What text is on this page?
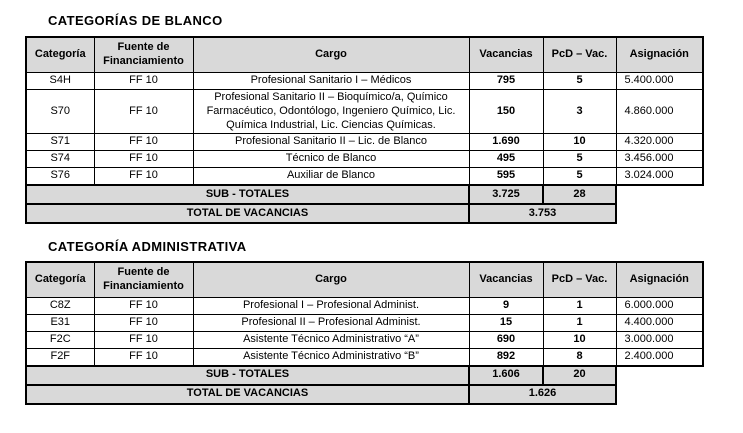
CATEGORÍAS DE BLANCO
Categoría	Fuente de Financiamiento	Cargo	Vacancias	PcD – Vac.	Asignación
S4H	FF 10	Profesional Sanitario I – Médicos	795	5	5.400.000
S70	FF 10	Profesional Sanitario II – Bioquímico/a, Químico Farmacéutico, Odontólogo, Ingeniero Químico, Lic. Química Industrial, Lic. Ciencias Químicas.	150	3	4.860.000
S71	FF 10	Profesional Sanitario II – Lic. de Blanco	1.690	10	4.320.000
S74	FF 10	Técnico de Blanco	495	5	3.456.000
S76	FF 10	Auxiliar de Blanco	595	5	3.024.000
SUB - TOTALES			3.725	28	
TOTAL DE VACANCIAS			3.753		
CATEGORÍA ADMINISTRATIVA
Categoría	Fuente de Financiamiento	Cargo	Vacancias	PcD – Vac.	Asignación
C8Z	FF 10	Profesional I – Profesional Administ.	9	1	6.000.000
E31	FF 10	Profesional II – Profesional Administ.	15	1	4.400.000
F2C	FF 10	Asistente Técnico Administrativo “A”	690	10	3.000.000
F2F	FF 10	Asistente Técnico Administrativo “B”	892	8	2.400.000
SUB - TOTALES			1.606	20	
TOTAL DE VACANCIAS			1.626		
